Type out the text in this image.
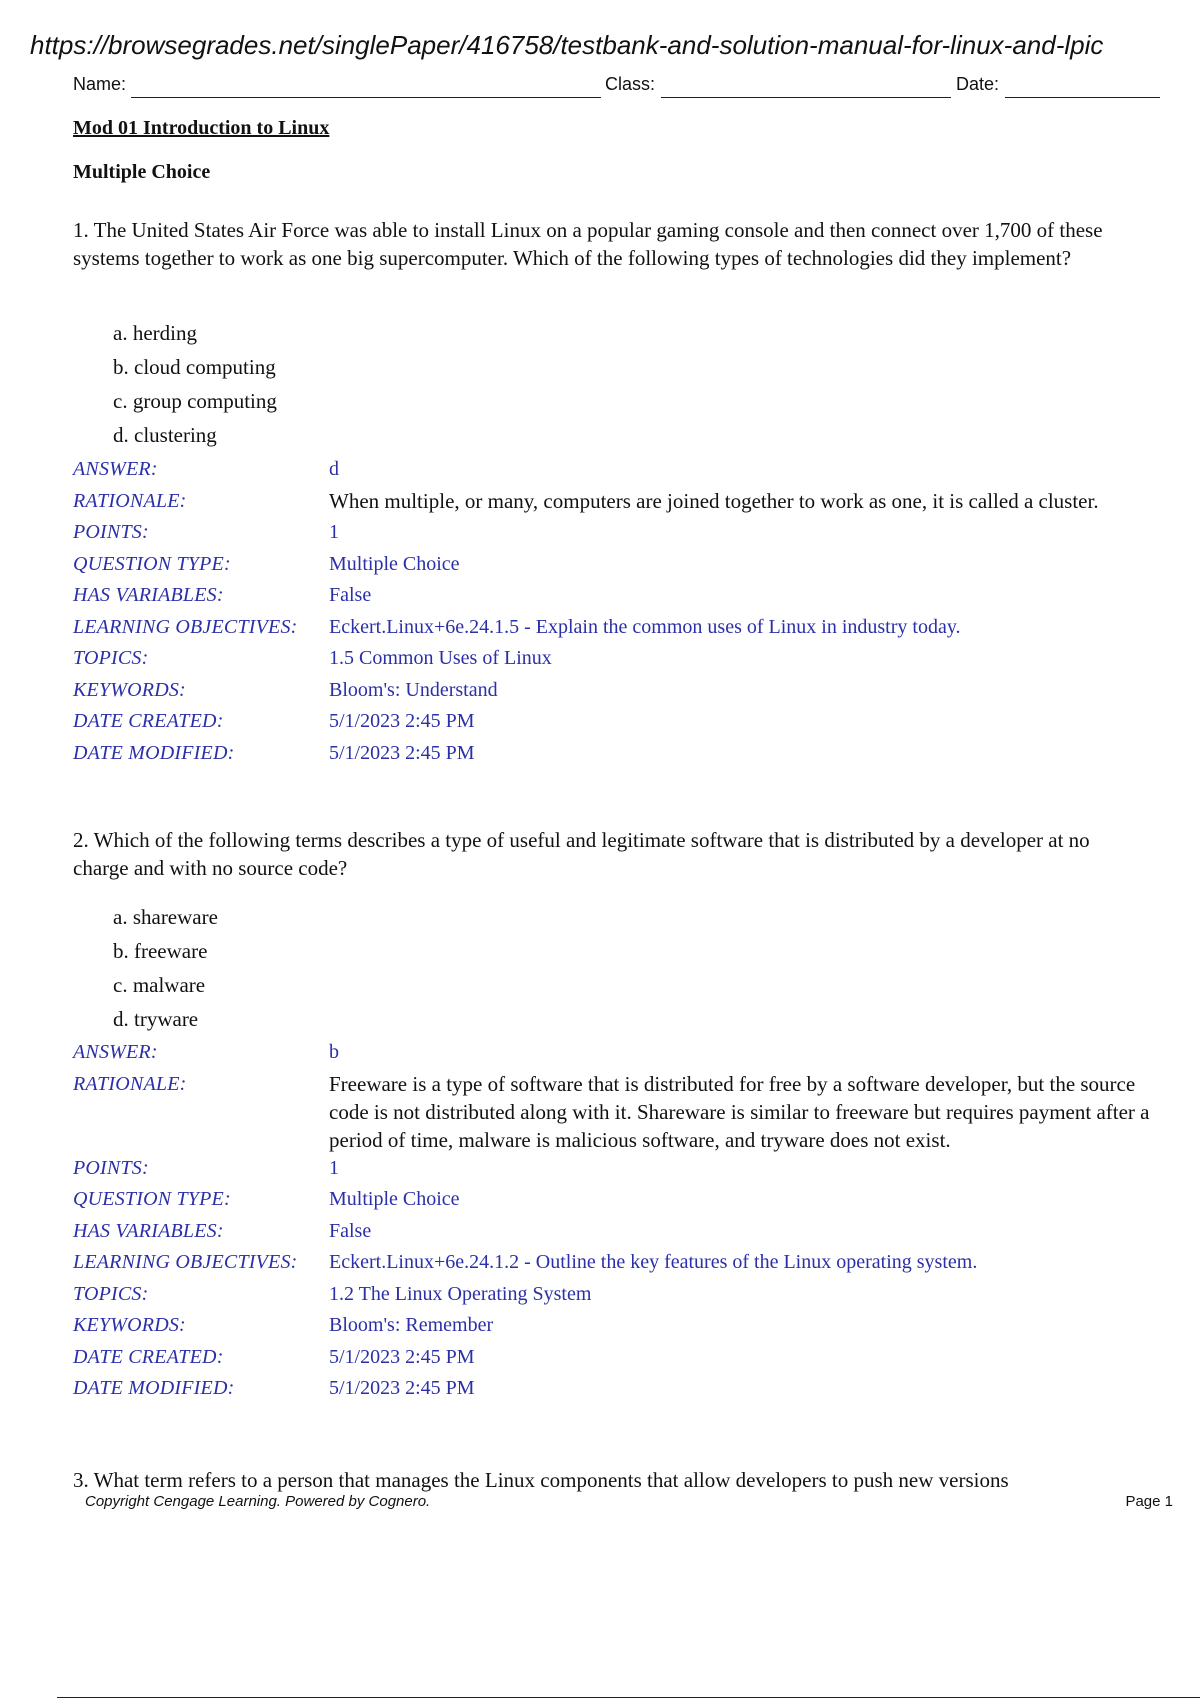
https://browsegrades.net/singlePaper/416758/testbank-and-solution-manual-for-linux-and-lpic
Name:	Class:	Date:
Mod 01 Introduction to Linux
Multiple Choice
1. The United States Air Force was able to install Linux on a popular gaming console and then connect over 1,700 of these systems together to work as one big supercomputer. Which of the following types of technologies did they implement?
a. herding
b. cloud computing
c. group computing
d. clustering
ANSWER:	d
RATIONALE:	When multiple, or many, computers are joined together to work as one, it is called a cluster.
POINTS:	1
QUESTION TYPE:	Multiple Choice
HAS VARIABLES:	False
LEARNING OBJECTIVES:	Eckert.Linux+6e.24.1.5 - Explain the common uses of Linux in industry today.
TOPICS:	1.5 Common Uses of Linux
KEYWORDS:	Bloom's: Understand
DATE CREATED:	5/1/2023 2:45 PM
DATE MODIFIED:	5/1/2023 2:45 PM
2. Which of the following terms describes a type of useful and legitimate software that is distributed by a developer at no charge and with no source code?
a. shareware
b. freeware
c. malware
d. tryware
ANSWER:	b
RATIONALE:	Freeware is a type of software that is distributed for free by a software developer, but the source code is not distributed along with it. Shareware is similar to freeware but requires payment after a period of time, malware is malicious software, and tryware does not exist.
POINTS:	1
QUESTION TYPE:	Multiple Choice
HAS VARIABLES:	False
LEARNING OBJECTIVES:	Eckert.Linux+6e.24.1.2 - Outline the key features of the Linux operating system.
TOPICS:	1.2 The Linux Operating System
KEYWORDS:	Bloom's: Remember
DATE CREATED:	5/1/2023 2:45 PM
DATE MODIFIED:	5/1/2023 2:45 PM
3. What term refers to a person that manages the Linux components that allow developers to push new versions
Copyright Cengage Learning. Powered by Cognero.	Page 1
